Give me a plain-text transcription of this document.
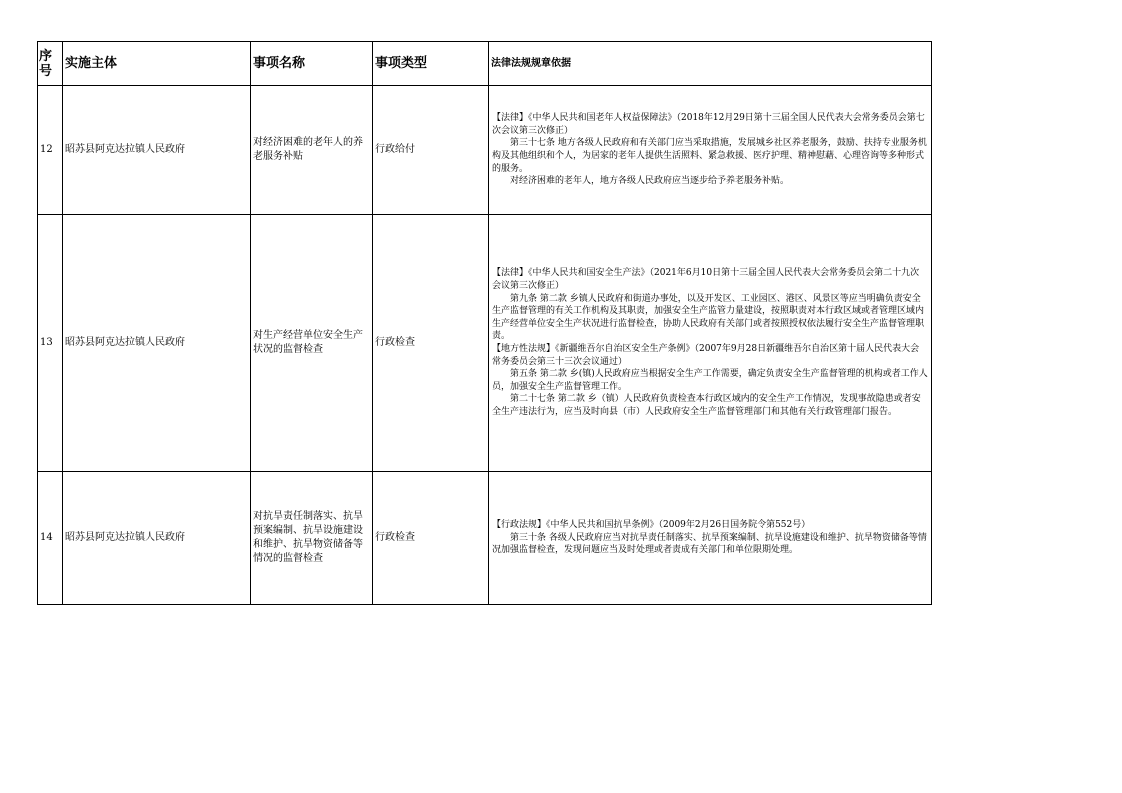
序号	实施主体	事项名称	事项类型	法律法规规章依据
12	昭苏县阿克达拉镇人民政府	对经济困难的老年人的养老服务补贴	行政给付	【法律】《中华人民共和国老年人权益保障法》（2018年12月29日第十三届全国人民代表大会常务委员会第七次会议第三次修正）

第三十七条 地方各级人民政府和有关部门应当采取措施，发展城乡社区养老服务，鼓励、扶持专业服务机构及其他组织和个人，为居家的老年人提供生活照料、紧急救援、医疗护理、精神慰藉、心理咨询等多种形式的服务。

对经济困难的老年人，地方各级人民政府应当逐步给予养老服务补贴。

13	昭苏县阿克达拉镇人民政府	对生产经营单位安全生产状况的监督检查	行政检查	【法律】《中华人民共和国安全生产法》（2021年6月10日第十三届全国人民代表大会常务委员会第二十九次会议第三次修正）

第九条 第二款 乡镇人民政府和街道办事处，以及开发区、工业园区、港区、风景区等应当明确负责安全生产监督管理的有关工作机构及其职责，加强安全生产监管力量建设，按照职责对本行政区域或者管理区域内生产经营单位安全生产状况进行监督检查，协助人民政府有关部门或者按照授权依法履行安全生产监督管理职责。

【地方性法规】《新疆维吾尔自治区安全生产条例》（2007年9月28日新疆维吾尔自治区第十届人民代表大会常务委员会第三十三次会议通过）

第五条 第二款 乡(镇)人民政府应当根据安全生产工作需要，确定负责安全生产监督管理的机构或者工作人员，加强安全生产监督管理工作。

第二十七条 第二款 乡（镇）人民政府负责检查本行政区域内的安全生产工作情况，发现事故隐患或者安全生产违法行为，应当及时向县（市）人民政府安全生产监督管理部门和其他有关行政管理部门报告。

14	昭苏县阿克达拉镇人民政府	对抗旱责任制落实、抗旱预案编制、抗旱设施建设和维护、抗旱物资储备等情况的监督检查	行政检查	【行政法规】《中华人民共和国抗旱条例》（2009年2月26日国务院令第552号）

第三十条 各级人民政府应当对抗旱责任制落实、抗旱预案编制、抗旱设施建设和维护、抗旱物资储备等情况加强监督检查，发现问题应当及时处理或者责成有关部门和单位限期处理。
